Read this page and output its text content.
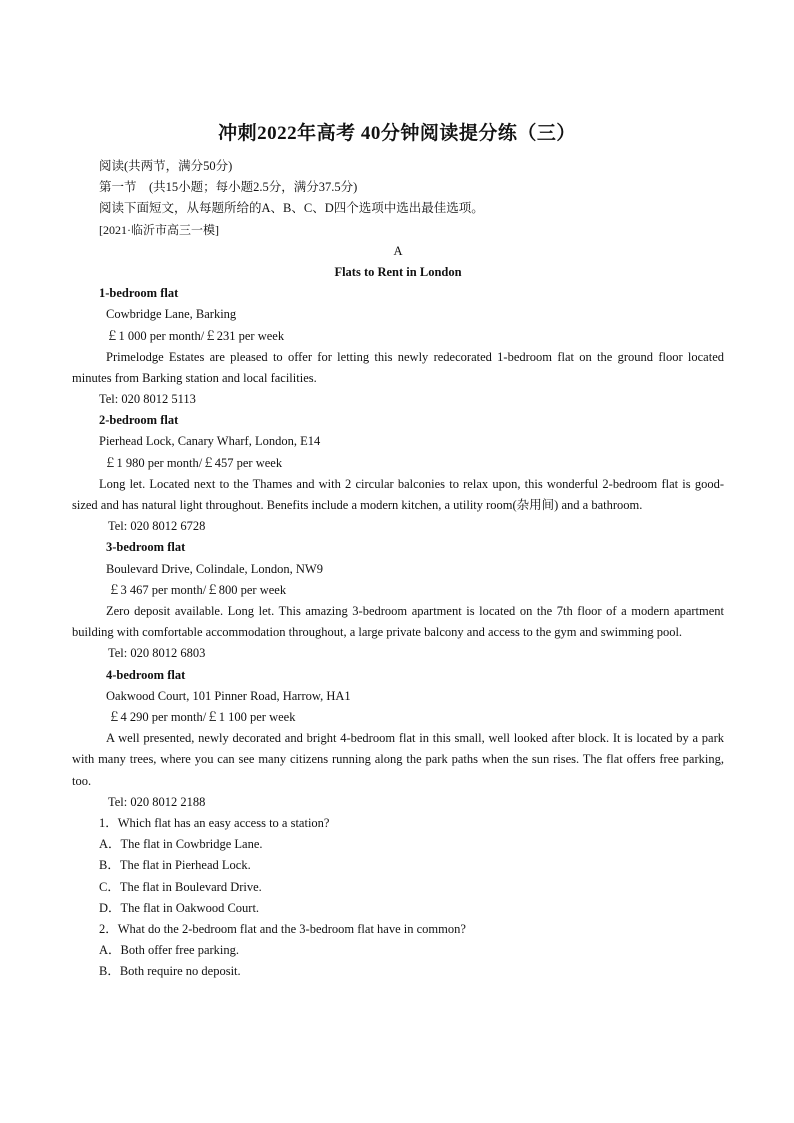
冲刺2022年高考 40分钟阅读提分练（三）
阅读(共两节，满分50分)
第一节　(共15小题；每小题2.5分，满分37.5分)
阅读下面短文，从每题所给的A、B、C、D四个选项中选出最佳选项。
[2021·临沂市高三一模]
A
Flats to Rent in London
1-bedroom flat
Cowbridge Lane, Barking
￡1 000 per month/￡231 per week
Primelodge Estates are pleased to offer for letting this newly redecorated 1-bedroom flat on the ground floor located minutes from Barking station and local facilities.
Tel: 020 8012 5113
2-bedroom flat
Pierhead Lock, Canary Wharf, London, E14
￡1 980 per month/￡457 per week
Long let. Located next to the Thames and with 2 circular balconies to relax upon, this wonderful 2-bedroom flat is good-sized and has natural light throughout. Benefits include a modern kitchen, a utility room(杂用间) and a bathroom.
Tel: 020 8012 6728
3-bedroom flat
Boulevard Drive, Colindale, London, NW9
￡3 467 per month/￡800 per week
Zero deposit available. Long let. This amazing 3-bedroom apartment is located on the 7th floor of a modern apartment building with comfortable accommodation throughout, a large private balcony and access to the gym and swimming pool.
Tel: 020 8012 6803
4-bedroom flat
Oakwood Court, 101 Pinner Road, Harrow, HA1
￡4 290 per month/￡1 100 per week
A well presented, newly decorated and bright 4-bedroom flat in this small, well looked after block. It is located by a park with many trees, where you can see many citizens running along the park paths when the sun rises. The flat offers free parking, too.
Tel: 020 8012 2188
1．Which flat has an easy access to a station?
A．The flat in Cowbridge Lane.
B．The flat in Pierhead Lock.
C．The flat in Boulevard Drive.
D．The flat in Oakwood Court.
2．What do the 2-bedroom flat and the 3-bedroom flat have in common?
A．Both offer free parking.
B．Both require no deposit.
